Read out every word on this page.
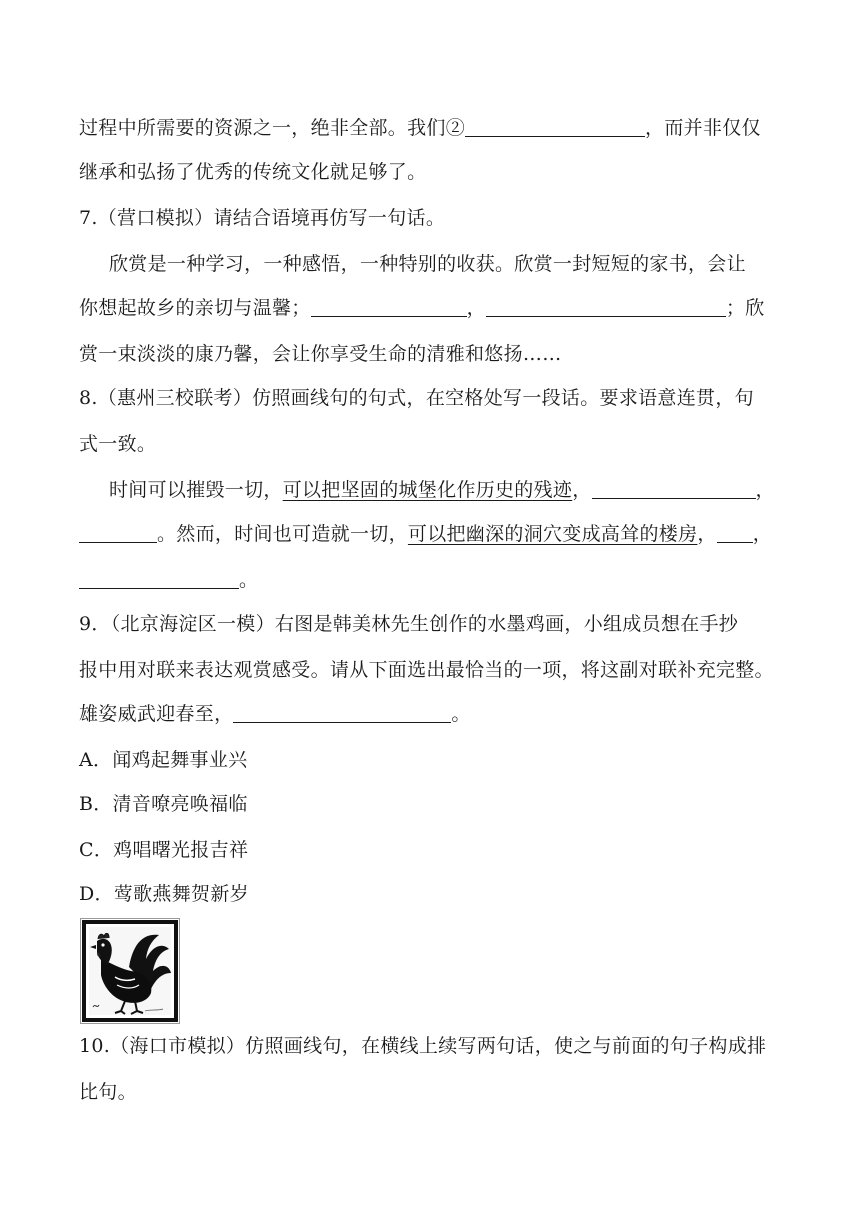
过程中所需要的资源之一，绝非全部。我们②	，而并非仅仅
继承和弘扬了优秀的传统文化就足够了。
7.（营口模拟）请结合语境再仿写一句话。
欣赏是一种学习，一种感悟，一种特别的收获。欣赏一封短短的家书，会让
你想起故乡的亲切与温馨；	，	；欣
赏一束淡淡的康乃馨，会让你享受生命的清雅和悠扬……
8.（惠州三校联考）仿照画线句的句式，在空格处写一段话。要求语意连贯，句
式一致。
时间可以摧毁一切，可以把坚固的城堡化作历史的残迹，	，
。然而，时间也可造就一切，可以把幽深的洞穴变成高耸的楼房， ，
。
9．（北京海淀区一模）右图是韩美林先生创作的水墨鸡画，小组成员想在手抄
报中用对联来表达观赏感受。请从下面选出最恰当的一项，将这副对联补充完整。
雄姿威武迎春至，	。
A．闻鸡起舞事业兴
B．清音嘹亮唤福临
C．鸡唱曙光报吉祥
D．莺歌燕舞贺新岁
10.（海口市模拟）仿照画线句，在横线上续写两句话，使之与前面的句子构成排
比句。
